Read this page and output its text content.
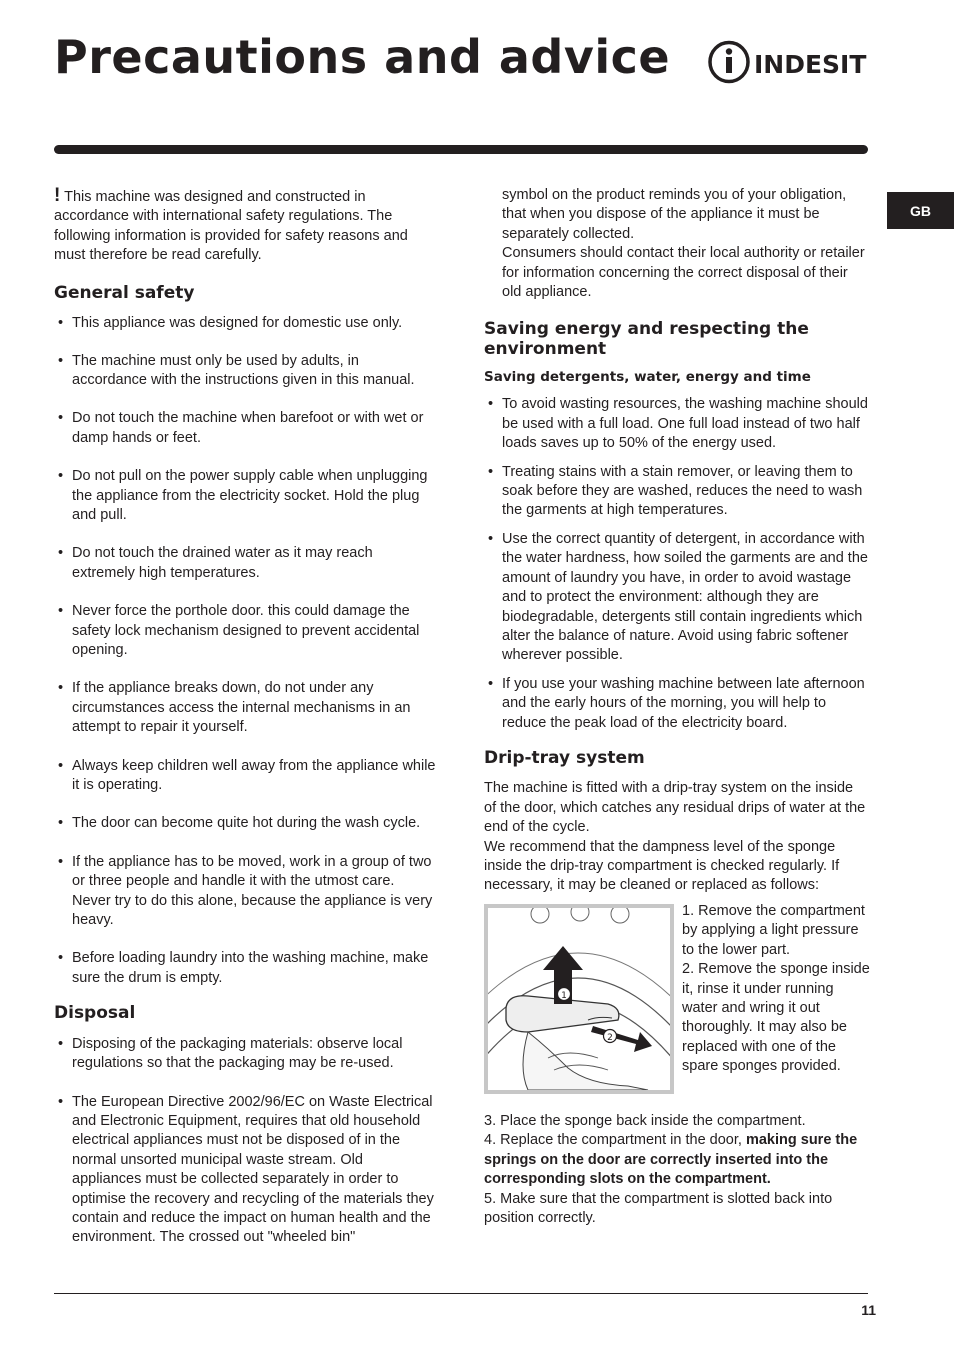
Precautions and advice	INDESIT
GB

! This machine was designed and constructed in accordance with international safety regulations. The following information is provided for safety reasons and must therefore be read carefully.

General safety
• This appliance was designed for domestic use only.
• The machine must only be used by adults, in accordance with the instructions given in this manual.
• Do not touch the machine when barefoot or with wet or damp hands or feet.
• Do not pull on the power supply cable when unplugging the appliance from the electricity socket. Hold the plug and pull.
• Do not touch the drained water as it may reach extremely high temperatures.
• Never force the porthole door. this could damage the safety lock mechanism designed to prevent accidental opening.
• If the appliance breaks down, do not under any circumstances access the internal mechanisms in an attempt to repair it yourself.
• Always keep children well away from the appliance while it is operating.
• The door can become quite hot during the wash cycle.
• If the appliance has to be moved, work in a group of two or three people and handle it with the utmost care. Never try to do this alone, because the appliance is very heavy.
• Before loading laundry into the washing machine, make sure the drum is empty.
Disposal
• Disposing of the packaging materials: observe local regulations so that the packaging may be re-used.
• The European Directive 2002/96/EC on Waste Electrical and Electronic Equipment, requires that old household electrical appliances must not be disposed of in the normal unsorted municipal waste stream. Old appliances must be collected separately in order to optimise the recovery and recycling of the materials they contain and reduce the impact on human health and the environment. The crossed out "wheeled bin"

symbol on the product reminds you of your obligation, that when you dispose of the appliance it must be separately collected.

Consumers should contact their local authority or retailer for information concerning the correct disposal of their old appliance.

Saving energy and respecting the environment
Saving detergents, water, energy and time
• To avoid wasting resources, the washing machine should be used with a full load. One full load instead of two half loads saves up to 50% of the energy used.
• Treating stains with a stain remover, or leaving them to soak before they are washed, reduces the need to wash the garments at high temperatures.
• Use the correct quantity of detergent, in accordance with the water hardness, how soiled the garments are and the amount of laundry you have, in order to avoid wastage and to protect the environment: although they are biodegradable, detergents still contain ingredients which alter the balance of nature. Avoid using fabric softener wherever possible.
• If you use your washing machine between late afternoon and the early hours of the morning, you will help to reduce the peak load of the electricity board.
Drip-tray system

The machine is fitted with a drip-tray system on the inside of the door, which catches any residual drips of water at the end of the cycle.

We recommend that the dampness level of the sponge inside the drip-tray compartment is checked regularly. If necessary, it may be cleaned or replaced as follows:

1
2

1. Remove the compartment by applying a light pressure to the lower part.

2. Remove the sponge inside it, rinse it under running water and wring it out thoroughly. It may also be replaced with one of the spare sponges provided.

3. Place the sponge back inside the compartment.

4. Replace the compartment in the door, making sure the springs on the door are correctly inserted into the corresponding slots on the compartment.

5. Make sure that the compartment is slotted back into position correctly.

11
